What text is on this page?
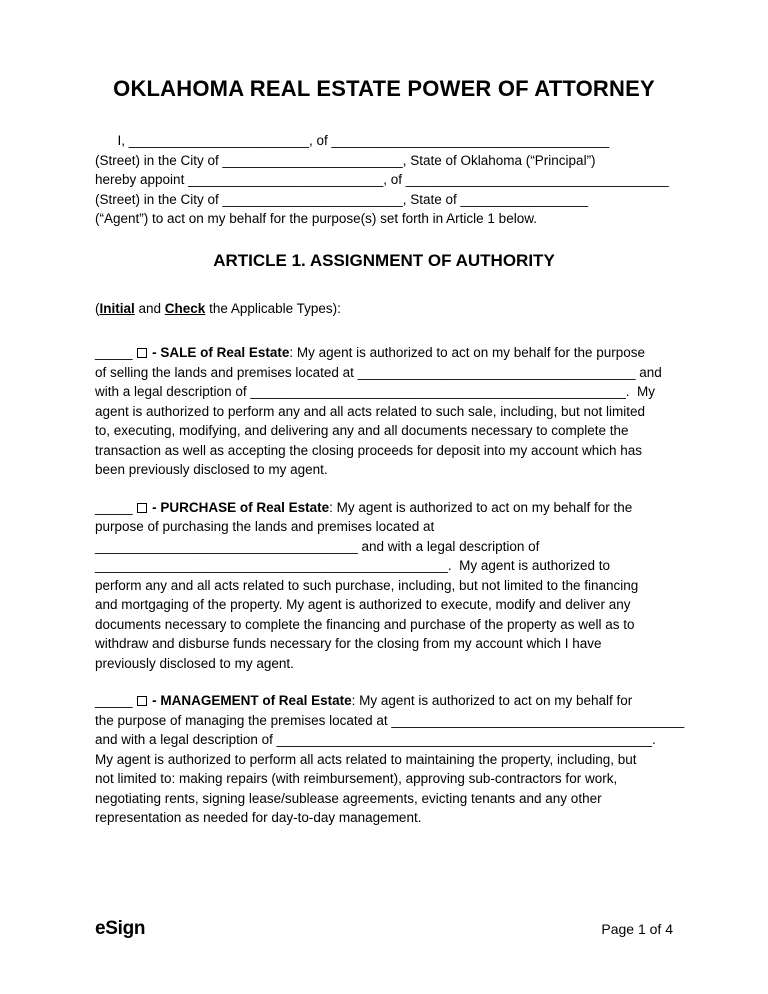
OKLAHOMA REAL ESTATE POWER OF ATTORNEY
I, ________________________, of _____________________________________
(Street) in the City of ________________________, State of Oklahoma (“Principal”)
hereby appoint __________________________, of ___________________________________
(Street) in the City of ________________________, State of _________________
(“Agent”) to act on my behalf for the purpose(s) set forth in Article 1 below.
ARTICLE 1. ASSIGNMENT OF AUTHORITY
(Initial and Check the Applicable Types):
_____ - SALE of Real Estate: My agent is authorized to act on my behalf for the purpose
of selling the lands and premises located at _____________________________________ and
with a legal description of __________________________________________________.  My
agent is authorized to perform any and all acts related to such sale, including, but not limited
to, executing, modifying, and delivering any and all documents necessary to complete the
transaction as well as accepting the closing proceeds for deposit into my account which has
been previously disclosed to my agent.
_____ - PURCHASE of Real Estate: My agent is authorized to act on my behalf for the
purpose of purchasing the lands and premises located at
___________________________________ and with a legal description of
_______________________________________________.  My agent is authorized to
perform any and all acts related to such purchase, including, but not limited to the financing
and mortgaging of the property. My agent is authorized to execute, modify and deliver any
documents necessary to complete the financing and purchase of the property as well as to
withdraw and disburse funds necessary for the closing from my account which I have
previously disclosed to my agent.
_____ - MANAGEMENT of Real Estate: My agent is authorized to act on my behalf for
the purpose of managing the premises located at _______________________________________
and with a legal description of __________________________________________________.
My agent is authorized to perform all acts related to maintaining the property, including, but
not limited to: making repairs (with reimbursement), approving sub-contractors for work,
negotiating rents, signing lease/sublease agreements, evicting tenants and any other
representation as needed for day-to-day management.
eSign	Page 1 of 4
